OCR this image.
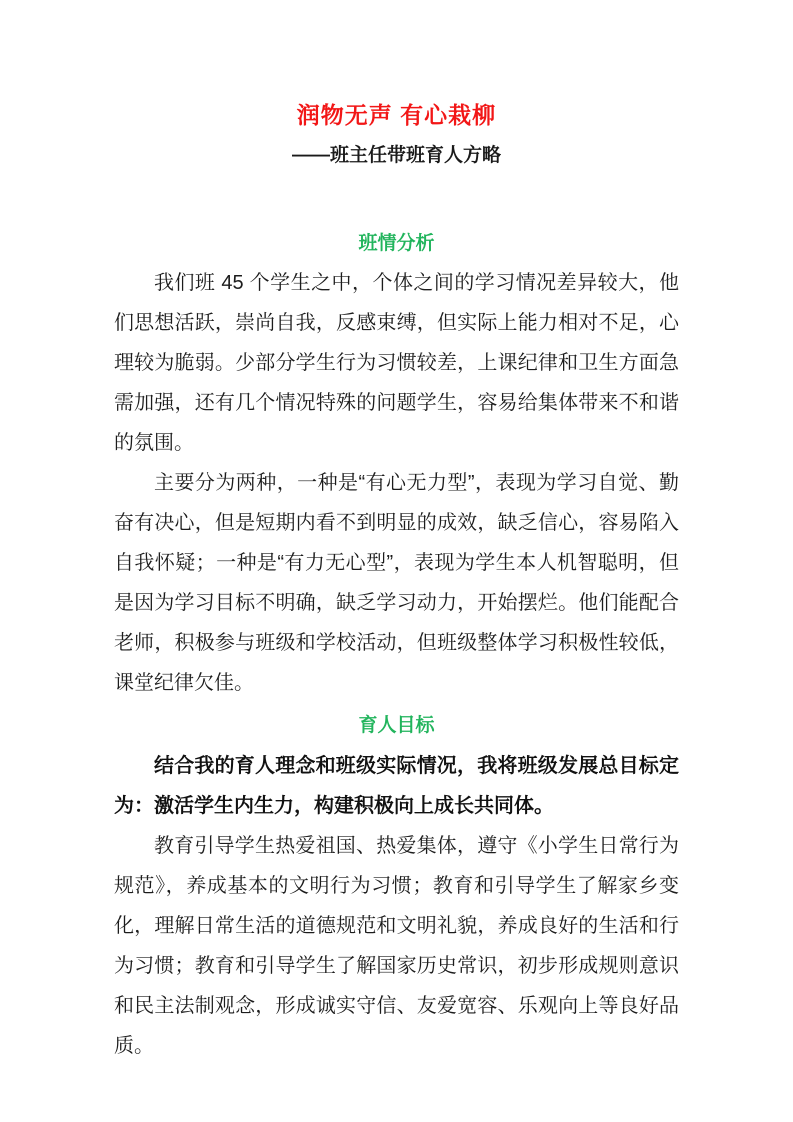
润物无声 有心栽柳
——班主任带班育人方略
班情分析

我们班 45 个学生之中，个体之间的学习情况差异较大，他们思想活跃，崇尚自我，反感束缚，但实际上能力相对不足，心理较为脆弱。少部分学生行为习惯较差，上课纪律和卫生方面急需加强，还有几个情况特殊的问题学生，容易给集体带来不和谐的氛围。

主要分为两种，一种是“有心无力型”，表现为学习自觉、勤奋有决心，但是短期内看不到明显的成效，缺乏信心，容易陷入自我怀疑；一种是“有力无心型”，表现为学生本人机智聪明，但是因为学习目标不明确，缺乏学习动力，开始摆烂。他们能配合老师，积极参与班级和学校活动，但班级整体学习积极性较低，课堂纪律欠佳。

育人目标

结合我的育人理念和班级实际情况，我将班级发展总目标定为：激活学生内生力，构建积极向上成长共同体。

教育引导学生热爱祖国、热爱集体，遵守《小学生日常行为规范》，养成基本的文明行为习惯；教育和引导学生了解家乡变化，理解日常生活的道德规范和文明礼貌，养成良好的生活和行为习惯；教育和引导学生了解国家历史常识，初步形成规则意识和民主法制观念，形成诚实守信、友爱宽容、乐观向上等良好品质。
